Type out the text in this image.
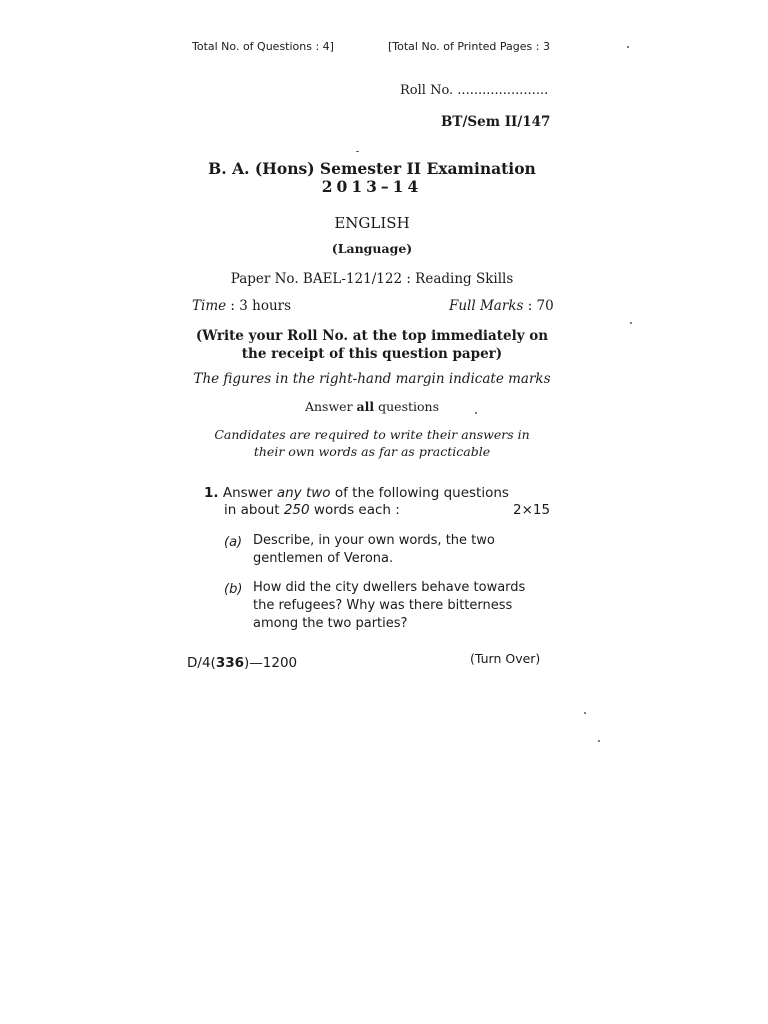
Total No. of Questions : 4]	[Total No. of Printed Pages : 3
Roll No. ......................
BT/Sem II/147
B. A. (Hons) Semester II Examination
2013–14
ENGLISH
(Language)
Paper No. BAEL-121/122 : Reading Skills
Time : 3 hours	Full Marks : 70
(Write your Roll No. at the top immediately on
the receipt of this question paper)
The figures in the right-hand margin indicate marks
Answer all questions
Candidates are required to write their answers in
their own words as far as practicable
1. Answer any two of the following questions
in about 250 words each :	2×15
(a) Describe, in your own words, the two gentlemen of Verona.
(b) How did the city dwellers behave towards the refugees? Why was there bitterness among the two parties?
D/4(336)—1200	(Turn Over)
